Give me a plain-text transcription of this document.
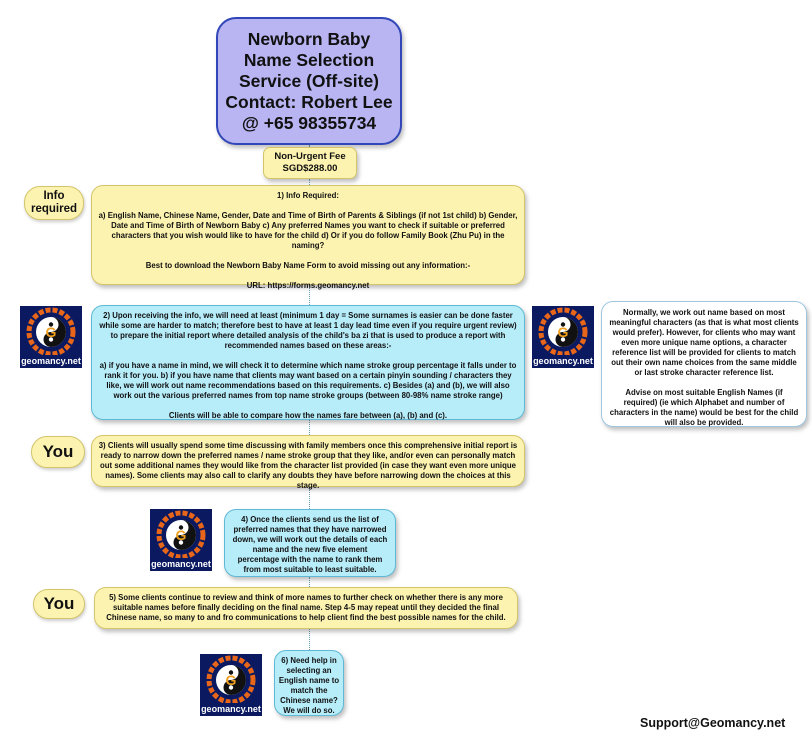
Newborn Baby
Name Selection
Service (Off-site)
Contact: Robert Lee
@ +65 98355734
Non-Urgent Fee
SGD$288.00
Info required
You
You
1) Info Required:
a) English Name, Chinese Name, Gender, Date and Time of Birth of Parents & Siblings (if not 1st child) b) Gender, Date and Time of Birth of Newborn Baby c) Any preferred Names you want to check if suitable or preferred characters that you wish would like to have for the child d) Or if you do follow Family Book (Zhu Pu) in the naming?
Best to download the Newborn Baby Name Form to avoid missing out any information:-
URL: https://forms.geomancy.net
2) Upon receiving the info, we will need at least (minimum 1 day = Some surnames is easier can be done faster while some are harder to match; therefore best to have at least 1 day lead time even if you require urgent review) to prepare the initial report where detailed analysis of the child's ba zi that is used to produce a report with recommended names based on these areas:-
a) if you have a name in mind, we will check it to determine which name stroke group percentage it falls under to rank it for you. b) if you have name that clients may want based on a certain pinyin sounding / characters they like, we will work out name recommendations based on this requirements. c) Besides (a) and (b), we will also work out the various preferred names from top name stroke groups (between 80-98% name stroke range)
Clients will be able to compare how the names fare between (a), (b) and (c).
Normally, we work out name based on most meaningful characters (as that is what most clients would prefer). However, for clients who may want even more unique name options, a character reference list will be provided for clients to match out their own name choices from the same middle or last stroke character reference list.
Advise on most suitable English Names (if required) (ie which Alphabet and number of characters in the name) would be best for the child will also be provided.
3) Clients will usually spend some time discussing with family members once this comprehensive initial report is ready to narrow down the preferred names / name stroke group that they like, and/or even can personally match out some additional names they would like from the character list provided (in case they want even more unique names). Some clients may also call to clarify any doubts they have before narrowing down the choices at this stage.
4) Once the clients send us the list of preferred names that they have narrowed down, we will work out the details of each name and the new five element percentage with the name to rank them from most suitable to least suitable.
5) Some clients continue to review and think of more names to further check on whether there is any more suitable names before finally deciding on the final name. Step 4-5 may repeat until they decided the final Chinese name, so many to and fro communications to help client find the best possible names for the child.
6) Need help in selecting an English name to match the Chinese name? We will do so.
G
geomancy.net
G
geomancy.net
G
geomancy.net
G
geomancy.net
Support@Geomancy.net
